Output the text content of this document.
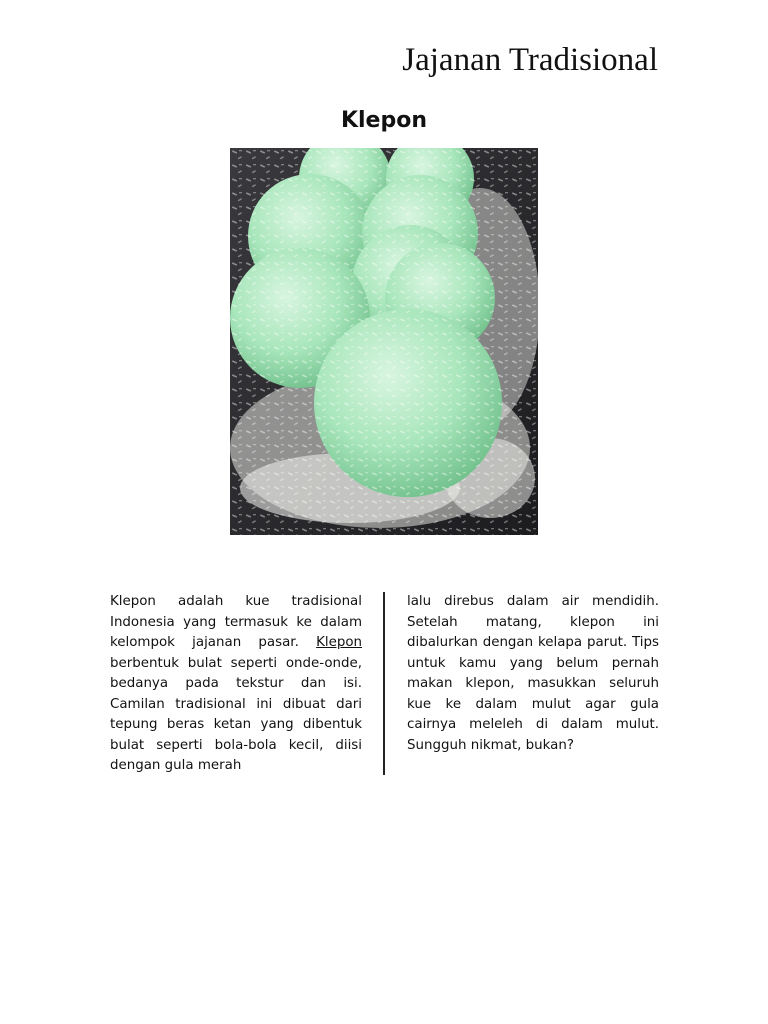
Jajanan Tradisional
Klepon
Klepon adalah kue tradisional Indonesia yang termasuk ke dalam kelompok jajanan pasar. Klepon berbentuk bulat seperti onde-onde, bedanya pada tekstur dan isi. Camilan tradisional ini dibuat dari tepung beras ketan yang dibentuk bulat seperti bola-bola kecil, diisi dengan gula merah
lalu direbus dalam air mendidih. Setelah matang, klepon ini dibalurkan dengan kelapa parut. Tips untuk kamu yang belum pernah makan klepon, masukkan seluruh kue ke dalam mulut agar gula cairnya meleleh di dalam mulut. Sungguh nikmat, bukan?
